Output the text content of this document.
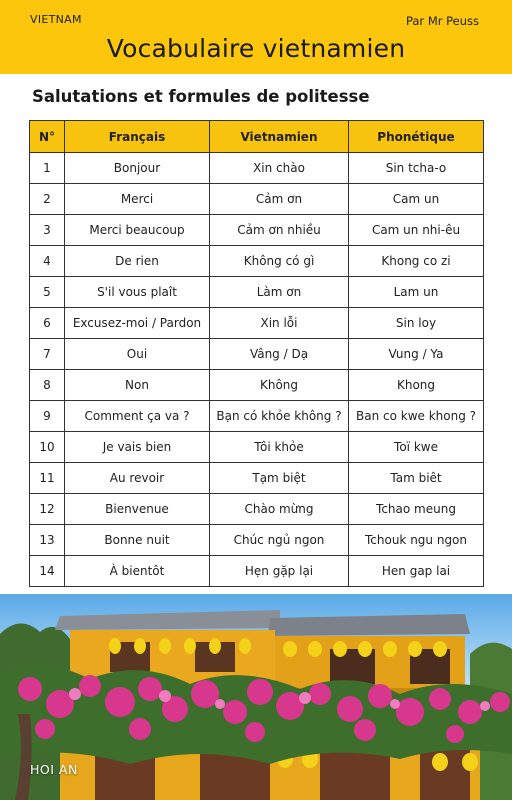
VIETNAM	Par Mr Peuss
Vocabulaire vietnamien
Salutations et formules de politesse
N°	Français	Vietnamien	Phonétique
1	Bonjour	Xin chào	Sin tcha-o
2	Merci	Cảm ơn	Cam un
3	Merci beaucoup	Cảm ơn nhiều	Cam un nhi-êu
4	De rien	Không có gì	Khong co zi
5	S'il vous plaît	Làm ơn	Lam un
6	Excusez-moi / Pardon	Xin lỗi	Sin loy
7	Oui	Vâng / Dạ	Vung / Ya
8	Non	Không	Khong
9	Comment ça va ?	Bạn có khỏe không ?	Ban co kwe khong ?
10	Je vais bien	Tôi khỏe	Toï kwe
11	Au revoir	Tạm biệt	Tam biêt
12	Bienvenue	Chào mừng	Tchao meung
13	Bonne nuit	Chúc ngủ ngon	Tchouk ngu ngon
14	À bientôt	Hẹn gặp lại	Hen gap lai
HOI AN
